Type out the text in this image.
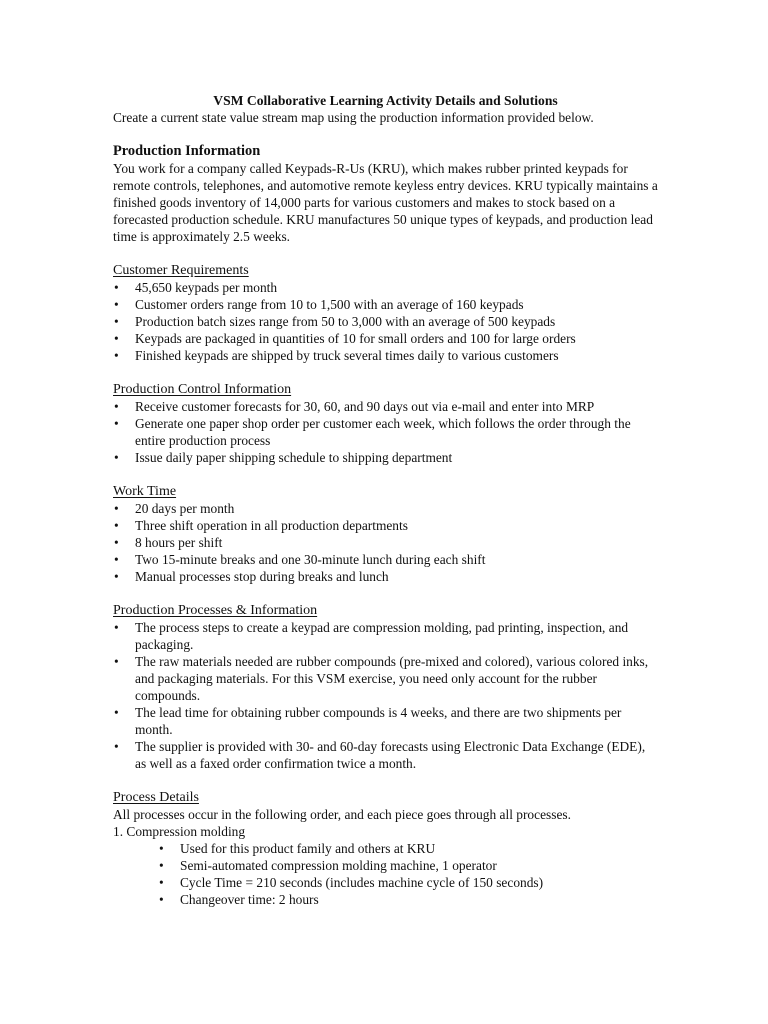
VSM Collaborative Learning Activity Details and Solutions

Create a current state value stream map using the production information provided below.

Production Information

You work for a company called Keypads-R-Us (KRU), which makes rubber printed keypads for remote controls, telephones, and automotive remote keyless entry devices. KRU typically maintains a finished goods inventory of 14,000 parts for various customers and makes to stock based on a forecasted production schedule. KRU manufactures 50 unique types of keypads, and production lead time is approximately 2.5 weeks.

Customer Requirements

• 45,650 keypads per month
• Customer orders range from 10 to 1,500 with an average of 160 keypads
• Production batch sizes range from 50 to 3,000 with an average of 500 keypads
• Keypads are packaged in quantities of 10 for small orders and 100 for large orders
• Finished keypads are shipped by truck several times daily to various customers

Production Control Information

• Receive customer forecasts for 30, 60, and 90 days out via e-mail and enter into MRP
• Generate one paper shop order per customer each week, which follows the order through the entire production process
• Issue daily paper shipping schedule to shipping department

Work Time

• 20 days per month
• Three shift operation in all production departments
• 8 hours per shift
• Two 15-minute breaks and one 30-minute lunch during each shift
• Manual processes stop during breaks and lunch

Production Processes & Information

• The process steps to create a keypad are compression molding, pad printing, inspection, and packaging.
• The raw materials needed are rubber compounds (pre-mixed and colored), various colored inks, and packaging materials. For this VSM exercise, you need only account for the rubber compounds.
• The lead time for obtaining rubber compounds is 4 weeks, and there are two shipments per month.
• The supplier is provided with 30- and 60-day forecasts using Electronic Data Exchange (EDE), as well as a faxed order confirmation twice a month.

Process Details

All processes occur in the following order, and each piece goes through all processes.

1. Compression molding

• Used for this product family and others at KRU
• Semi-automated compression molding machine, 1 operator
• Cycle Time = 210 seconds (includes machine cycle of 150 seconds)
• Changeover time: 2 hours
